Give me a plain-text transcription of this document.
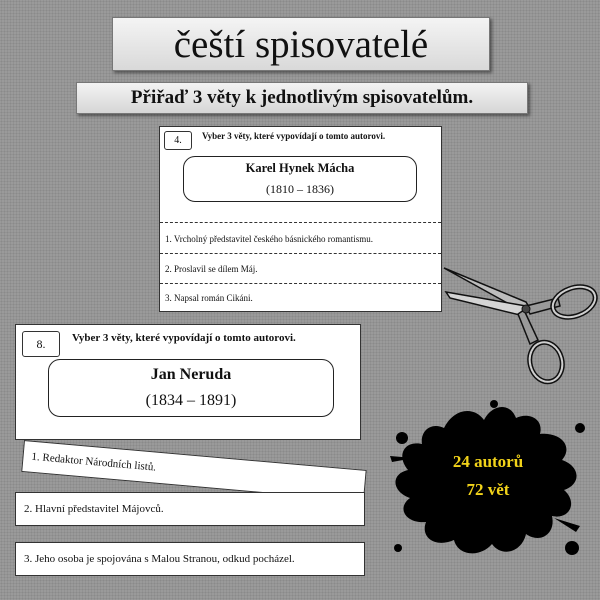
čeští spisovatelé
Přiřaď 3 věty k jednotlivým spisovatelům.
4.	Vyber 3 věty, které vypovídají o tomto autorovi.
Karel Hynek Mácha
(1810 – 1836)
1. Vrcholný představitel českého básnického romantismu.
2. Proslavil se dílem Máj.
3. Napsal román Cikáni.
8.	Vyber 3 věty, které vypovídají o tomto autorovi.
Jan Neruda
(1834 – 1891)
1. Redaktor Národních listů.
2. Hlavní představitel Májovců.
3. Jeho osoba je spojována s Malou Stranou, odkud pocházel.
24 autorů
72 vět
